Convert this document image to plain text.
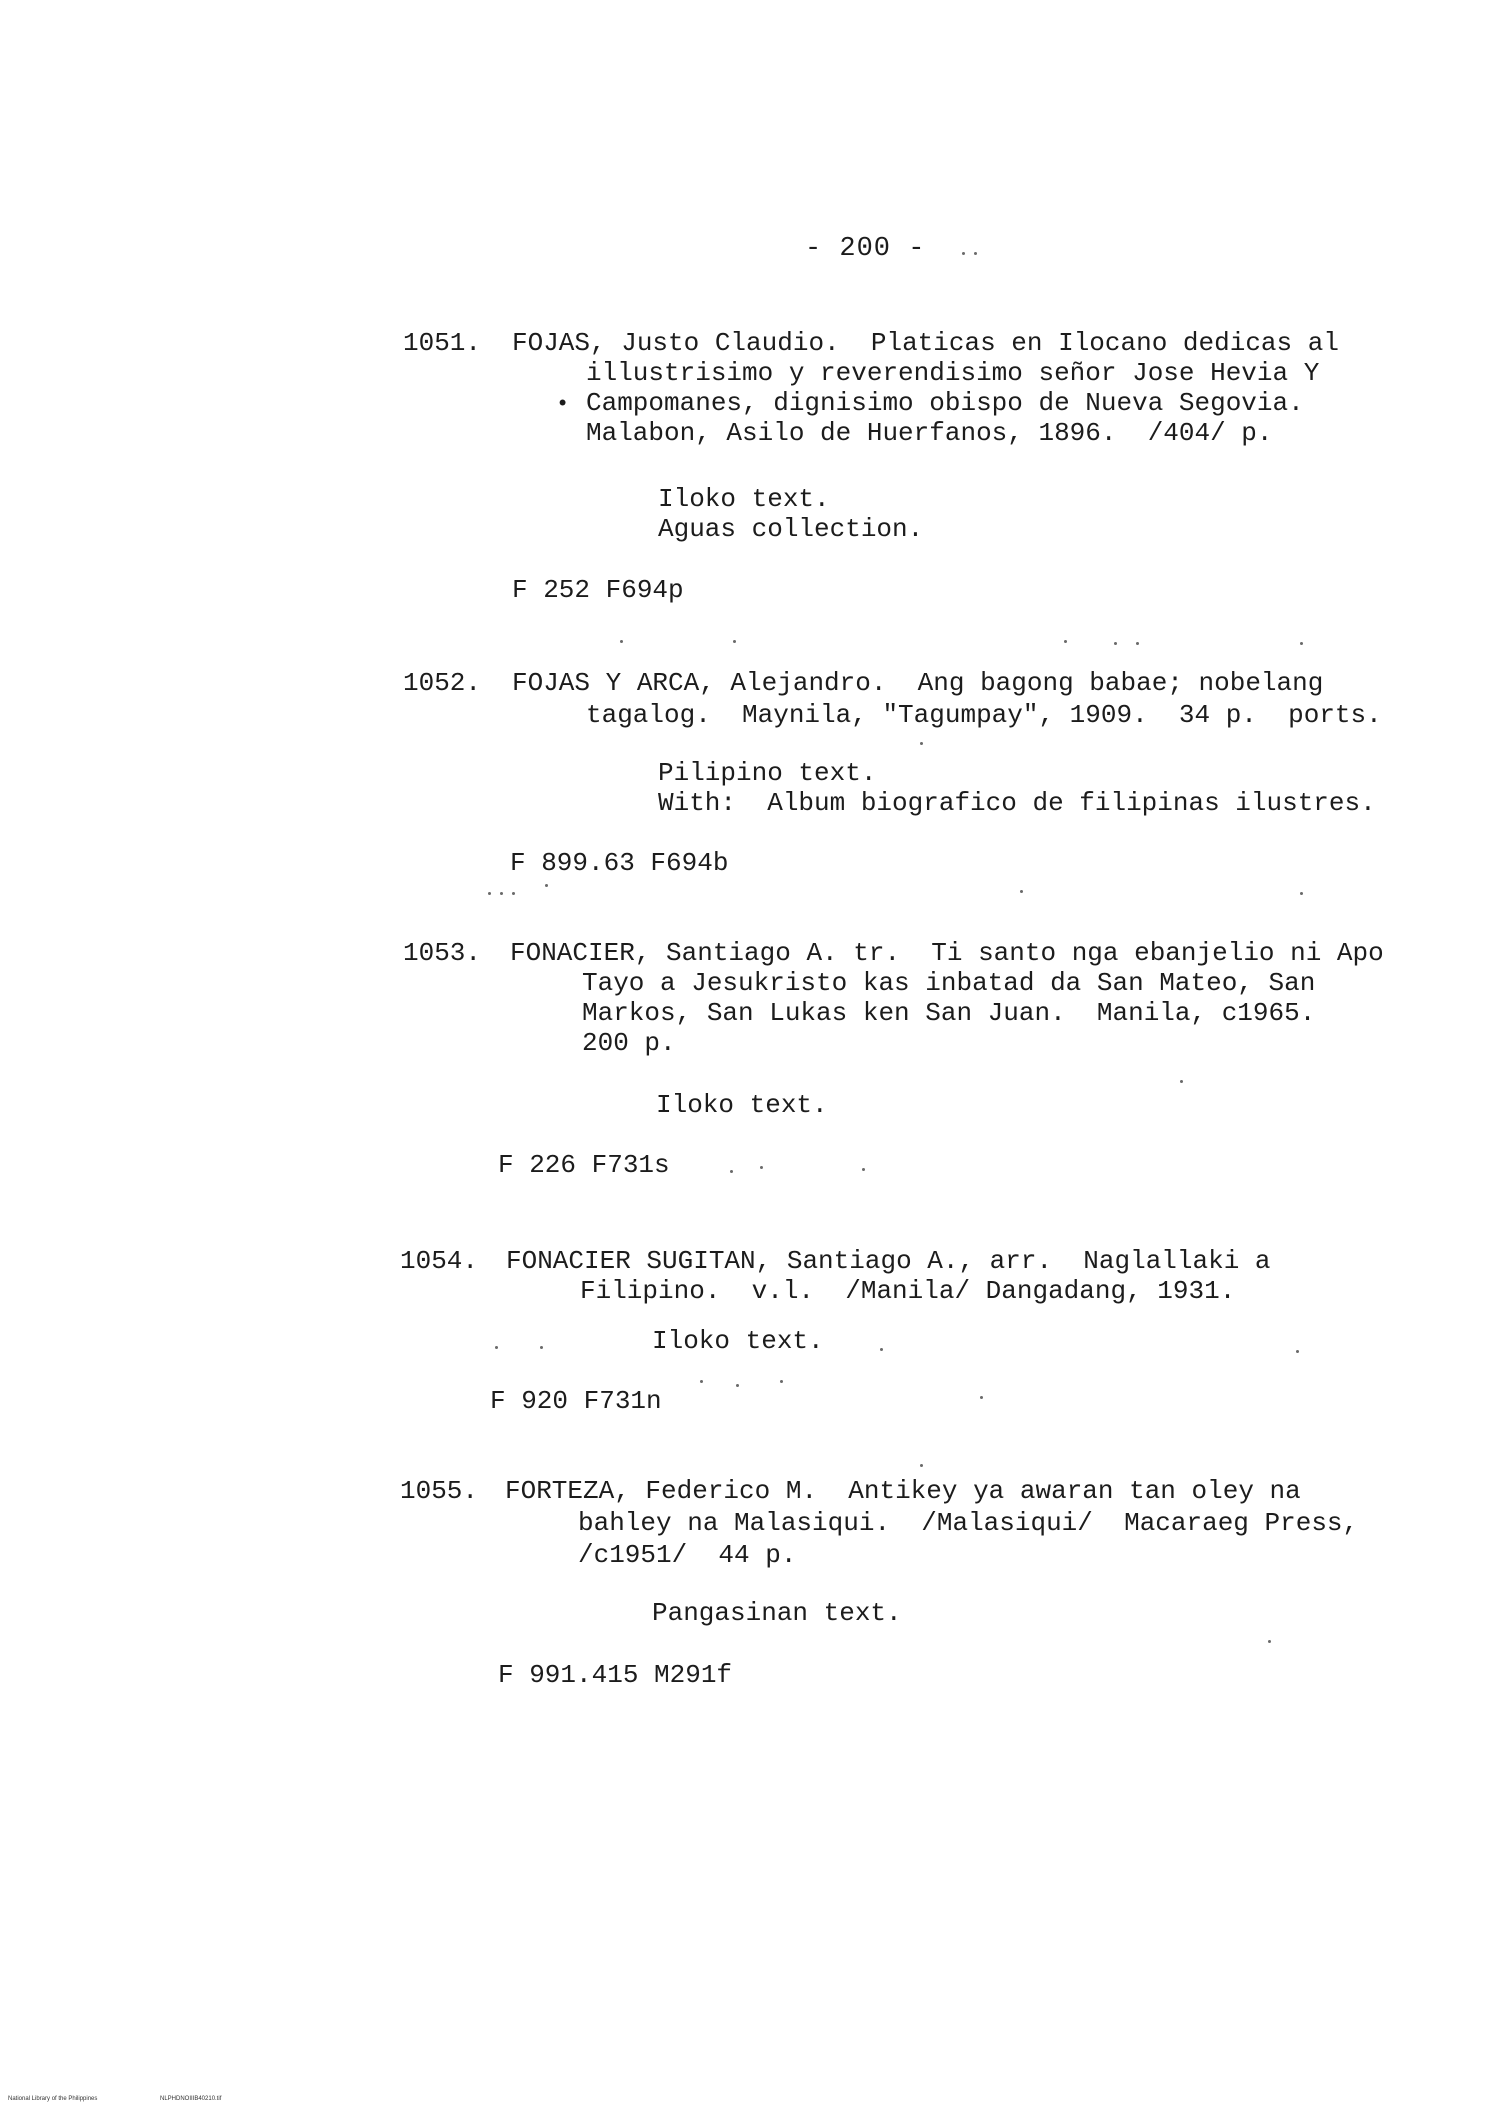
- 200 -
1051. FOJAS, Justo Claudio.  Platicas en Ilocano dedicas al
illustrisimo y reverendisimo señor Jose Hevia Y
• Campomanes, dignisimo obispo de Nueva Segovia.
Malabon, Asilo de Huerfanos, 1896.  /404/ p.
Iloko text.
Aguas collection.
F 252 F694p
1052. FOJAS Y ARCA, Alejandro.  Ang bagong babae; nobelang
tagalog.  Maynila, "Tagumpay", 1909.  34 p.  ports.
Pilipino text.
With:  Album biografico de filipinas ilustres.
F 899.63 F694b
1053. FONACIER, Santiago A. tr.  Ti santo nga ebanjelio ni Apo
Tayo a Jesukristo kas inbatad da San Mateo, San
Markos, San Lukas ken San Juan.  Manila, c1965.
200 p.
Iloko text.
F 226 F731s
1054. FONACIER SUGITAN, Santiago A., arr.  Naglallaki a
Filipino.  v.l.  /Manila/ Dangadang, 1931.
Iloko text.
F 920 F731n
1055. FORTEZA, Federico M.  Antikey ya awaran tan oley na
bahley na Malasiqui.  /Malasiqui/  Macaraeg Press,
/c1951/  44 p.
Pangasinan text.
F 991.415 M291f
National Library of the Philippines	NLPHDNOIIIB40210.tif
